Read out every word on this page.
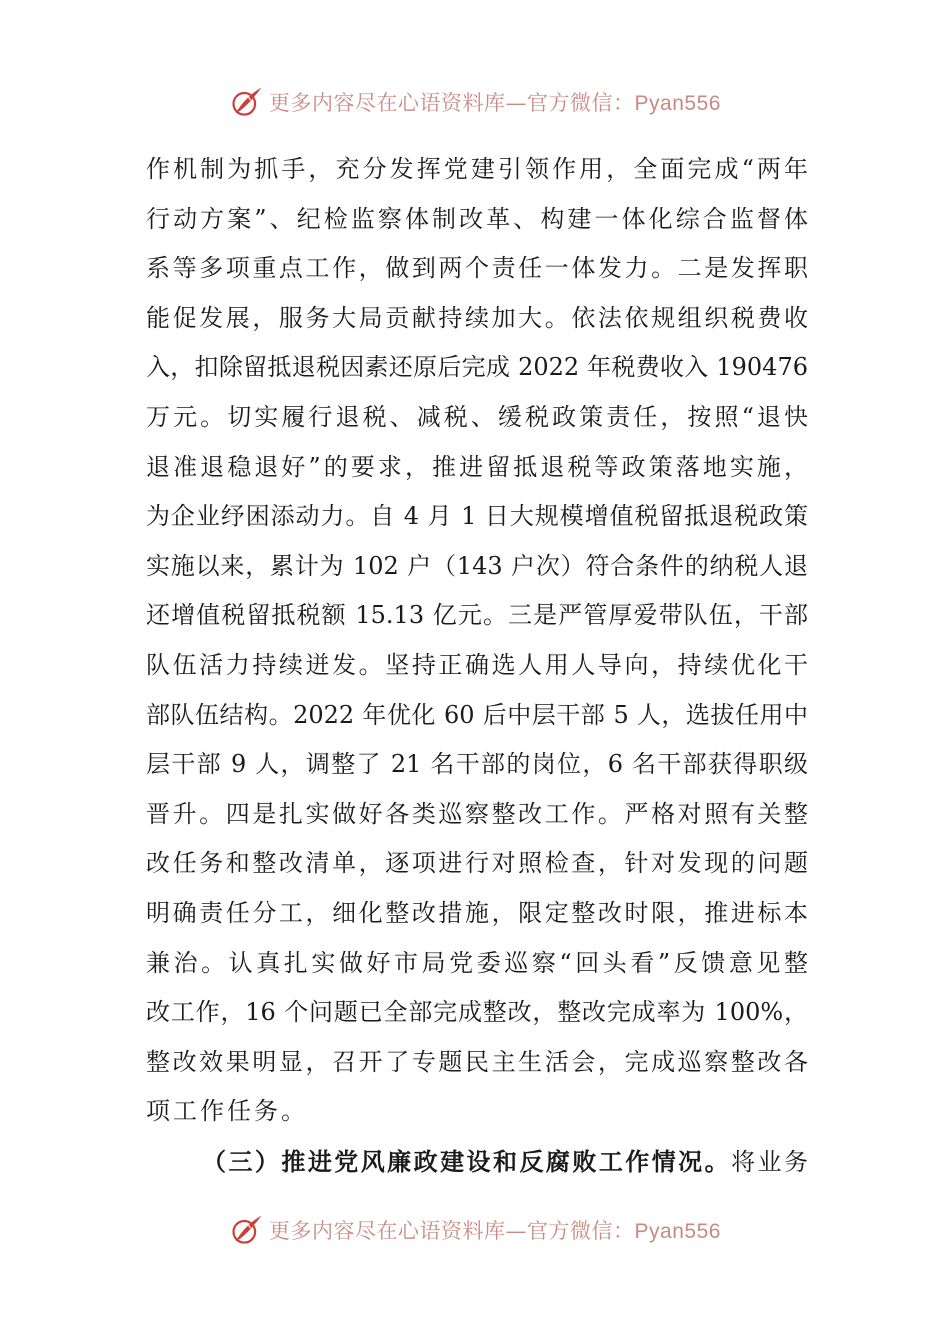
更多内容尽在心语资料库—官方微信：Pyan556
作机制为抓手，充分发挥党建引领作用，全面完成“两年
行动方案”、纪检监察体制改革、构建一体化综合监督体
系等多项重点工作，做到两个责任一体发力。二是发挥职
能促发展，服务大局贡献持续加大。依法依规组织税费收
入，扣除留抵退税因素还原后完成 2022 年税费收入 190476
万元。切实履行退税、减税、缓税政策责任，按照“退快
退准退稳退好”的要求，推进留抵退税等政策落地实施，
为企业纾困添动力。自 4 月 1 日大规模增值税留抵退税政策
实施以来，累计为 102 户（143 户次）符合条件的纳税人退
还增值税留抵税额 15.13 亿元。三是严管厚爱带队伍，干部
队伍活力持续迸发。坚持正确选人用人导向，持续优化干
部队伍结构。2022 年优化 60 后中层干部 5 人，选拔任用中
层干部 9 人，调整了 21 名干部的岗位，6 名干部获得职级
晋升。四是扎实做好各类巡察整改工作。严格对照有关整
改任务和整改清单，逐项进行对照检查，针对发现的问题
明确责任分工，细化整改措施，限定整改时限，推进标本
兼治。认真扎实做好市局党委巡察“回头看”反馈意见整
改工作，16 个问题已全部完成整改，整改完成率为 100%，
整改效果明显，召开了专题民主生活会，完成巡察整改各
项工作任务。
（三）推进党风廉政建设和反腐败工作情况。将业务
更多内容尽在心语资料库—官方微信：Pyan556
